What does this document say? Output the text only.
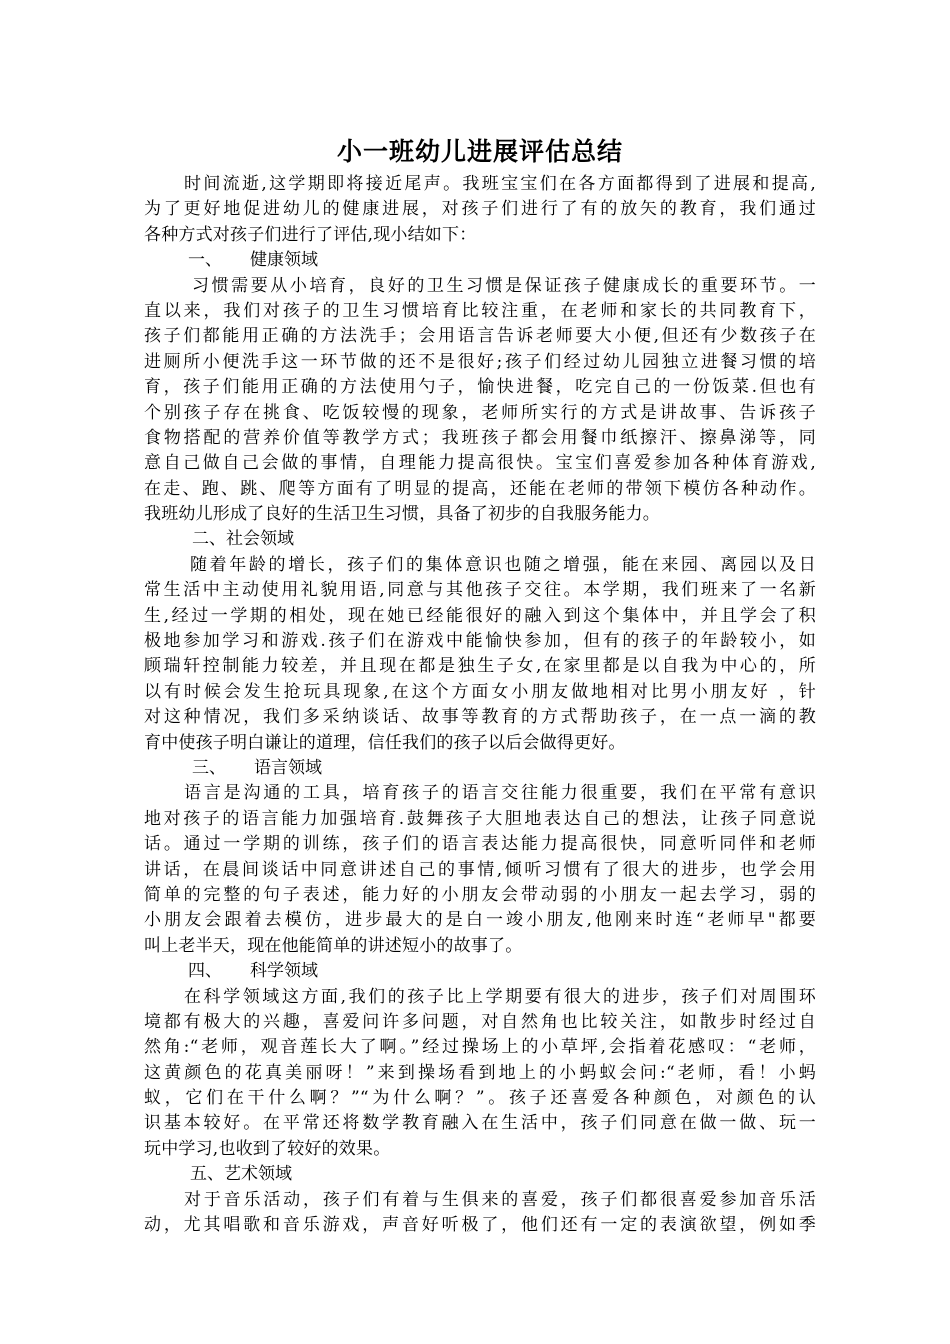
小一班幼儿进展评估总结
时间流逝,这学期即将接近尾声。我班宝宝们在各方面都得到了进展和提高,
为了更好地促进幼儿的健康进展，对孩子们进行了有的放矢的教育，我们通过
各种方式对孩子们进行了评估,现小结如下：
一、 健康领域
习惯需要从小培育，良好的卫生习惯是保证孩子健康成长的重要环节。一
直以来，我们对孩子的卫生习惯培育比较注重，在老师和家长的共同教育下，
孩子们都能用正确的方法洗手；会用语言告诉老师要大小便,但还有少数孩子在
进厕所小便洗手这一环节做的还不是很好;孩子们经过幼儿园独立进餐习惯的培
育，孩子们能用正确的方法使用勺子，愉快进餐，吃完自己的一份饭菜.但也有
个别孩子存在挑食、吃饭较慢的现象，老师所实行的方式是讲故事、告诉孩子
食物搭配的营养价值等教学方式；我班孩子都会用餐巾纸擦汗、擦鼻涕等，同
意自己做自己会做的事情，自理能力提高很快。宝宝们喜爱参加各种体育游戏,
在走、跑、跳、爬等方面有了明显的提高，还能在老师的带领下模仿各种动作。
我班幼儿形成了良好的生活卫生习惯，具备了初步的自我服务能力。
二、社会领域
随着年龄的增长，孩子们的集体意识也随之增强，能在来园、离园以及日
常生活中主动使用礼貌用语,同意与其他孩子交往。本学期，我们班来了一名新
生,经过一学期的相处，现在她已经能很好的融入到这个集体中，并且学会了积
极地参加学习和游戏.孩子们在游戏中能愉快参加，但有的孩子的年龄较小，如
顾瑞轩控制能力较差，并且现在都是独生子女,在家里都是以自我为中心的，所
以有时候会发生抢玩具现象,在这个方面女小朋友做地相对比男小朋友好 ，针
对这种情况，我们多采纳谈话、故事等教育的方式帮助孩子，在一点一滴的教
育中使孩子明白谦让的道理，信任我们的孩子以后会做得更好。
三、 语言领域
语言是沟通的工具，培育孩子的语言交往能力很重要，我们在平常有意识
地对孩子的语言能力加强培育.鼓舞孩子大胆地表达自己的想法，让孩子同意说
话。通过一学期的训练，孩子们的语言表达能力提高很快，同意听同伴和老师
讲话，在晨间谈话中同意讲述自己的事情,倾听习惯有了很大的进步，也学会用
简单的完整的句子表述，能力好的小朋友会带动弱的小朋友一起去学习，弱的
小朋友会跟着去模仿，进步最大的是白一竣小朋友,他刚来时连“老师早"都要
叫上老半天，现在他能简单的讲述短小的故事了。
四、 科学领域
在科学领域这方面,我们的孩子比上学期要有很大的进步，孩子们对周围环
境都有极大的兴趣，喜爱问许多问题，对自然角也比较关注，如散步时经过自
然角:“老师，观音莲长大了啊。”经过操场上的小草坪,会指着花感叹：“老师，
这黄颜色的花真美丽呀！”来到操场看到地上的小蚂蚁会问:“老师，看！小蚂
蚁，它们在干什么啊？”“为什么啊？”。孩子还喜爱各种颜色，对颜色的认
识基本较好。在平常还将数学教育融入在生活中，孩子们同意在做一做、玩一
玩中学习,也收到了较好的效果。
五、艺术领域
对于音乐活动，孩子们有着与生俱来的喜爱，孩子们都很喜爱参加音乐活
动，尤其唱歌和音乐游戏，声音好听极了，他们还有一定的表演欲望，例如季
